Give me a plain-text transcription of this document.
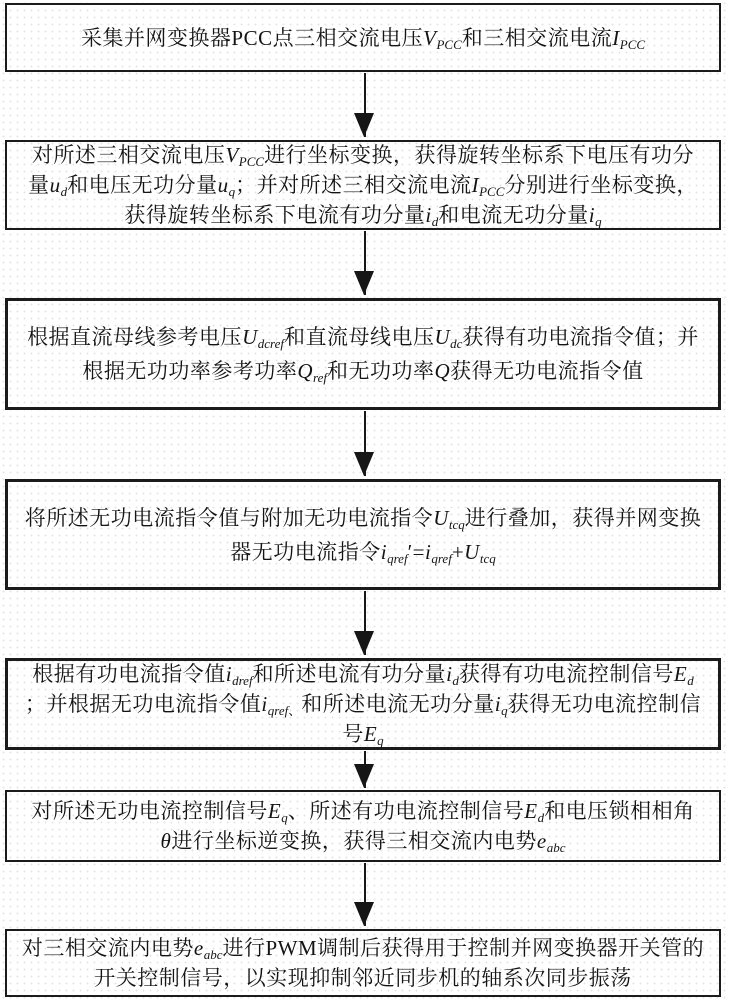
采集并网变换器PCC点三相交流电压$V_{PCC}$和三相交流电流$I_{PCC}$
对所述三相交流电压$V_{PCC}$进行坐标变换，获得旋转坐标系下电压有功分
量$u_d$和电压无功分量$u_q$；并对所述三相交流电流$I_{PCC}$分别进行坐标变换，
获得旋转坐标系下电流有功分量$i_d$和电流无功分量$i_q$
根据直流母线参考电压$U_{dcref}$和直流母线电压$U_{dc}$获得有功电流指令值；并
根据无功功率参考功率$Q_{ref}$和无功功率Q获得无功电流指令值
将所述无功电流指令值与附加无功电流指令$U_{tcq}$进行叠加，获得并网变换
器无功电流指令$i_{qref}'=i_{qref}+U_{tcq}$
根据有功电流指令值$i_{dref}$和所述电流有功分量$i_d$获得有功电流控制信号$E_d$
；并根据无功电流指令值$i_{qref、}$和所述电流无功分量$i_q$获得无功电流控制信
号$E_q$
对所述无功电流控制信号$E_q$、所述有功电流控制信号$E_d$和电压锁相相角
θ进行坐标逆变换，获得三相交流内电势$e_{abc}$
对三相交流内电势$e_{abc}$进行PWM调制后获得用于控制并网变换器开关管的
开关控制信号，以实现抑制邻近同步机的轴系次同步振荡
